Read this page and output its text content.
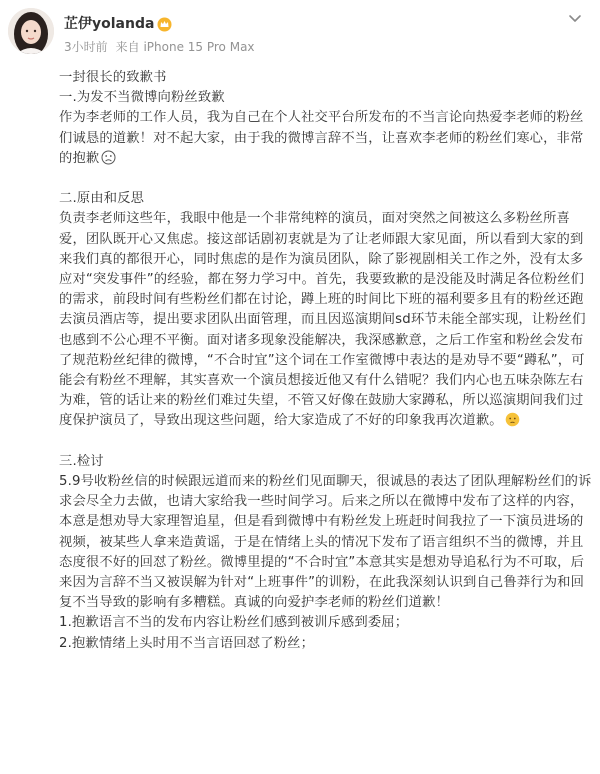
芷伊yolanda
3小时前 来自 iPhone 15 Pro Max
一封很长的致歉书
一.为发不当微博向粉丝致歉
作为李老师的工作人员，我为自己在个人社交平台所发布的不当言论向热爱李老师的粉丝们诚恳的道歉！对不起大家，由于我的微博言辞不当，让喜欢李老师的粉丝们寒心，非常的抱歉
二.原由和反思
负责李老师这些年，我眼中他是一个非常纯粹的演员，面对突然之间被这么多粉丝所喜爱，团队既开心又焦虑。接这部话剧初衷就是为了让老师跟大家见面，所以看到大家的到来我们真的都很开心，同时焦虑的是作为演员团队，除了影视剧相关工作之外，没有太多应对“突发事件”的经验，都在努力学习中。首先，我要致歉的是没能及时满足各位粉丝们的需求，前段时间有些粉丝们都在讨论，蹲上班的时间比下班的福利要多且有的粉丝还跑去演员酒店等，提出要求团队出面管理，而且因巡演期间sd环节未能全部实现，让粉丝们也感到不公心理不平衡。面对诸多现象没能解决，我深感歉意，之后工作室和粉丝会发布了规范粉丝纪律的微博，“不合时宜”这个词在工作室微博中表达的是劝导不要“蹲私”，可能会有粉丝不理解，其实喜欢一个演员想接近他又有什么错呢？我们内心也五味杂陈左右为难，管的话让来的粉丝们难过失望，不管又好像在鼓励大家蹲私，所以巡演期间我们过度保护演员了，导致出现这些问题，给大家造成了不好的印象我再次道歉。
三.检讨
5.9号收粉丝信的时候跟远道而来的粉丝们见面聊天，很诚恳的表达了团队理解粉丝们的诉求会尽全力去做，也请大家给我一些时间学习。后来之所以在微博中发布了这样的内容，本意是想劝导大家理智追星，但是看到微博中有粉丝发上班赶时间我拉了一下演员进场的视频，被某些人拿来造黄谣，于是在情绪上头的情况下发布了语言组织不当的微博，并且态度很不好的回怼了粉丝。微博里提的“不合时宜”本意其实是想劝导追私行为不可取，后来因为言辞不当又被误解为针对“上班事件”的训粉，在此我深刻认识到自己鲁莽行为和回复不当导致的影响有多糟糕。真诚的向爱护李老师的粉丝们道歉！
1.抱歉语言不当的发布内容让粉丝们感到被训斥感到委屈；
2.抱歉情绪上头时用不当言语回怼了粉丝；
